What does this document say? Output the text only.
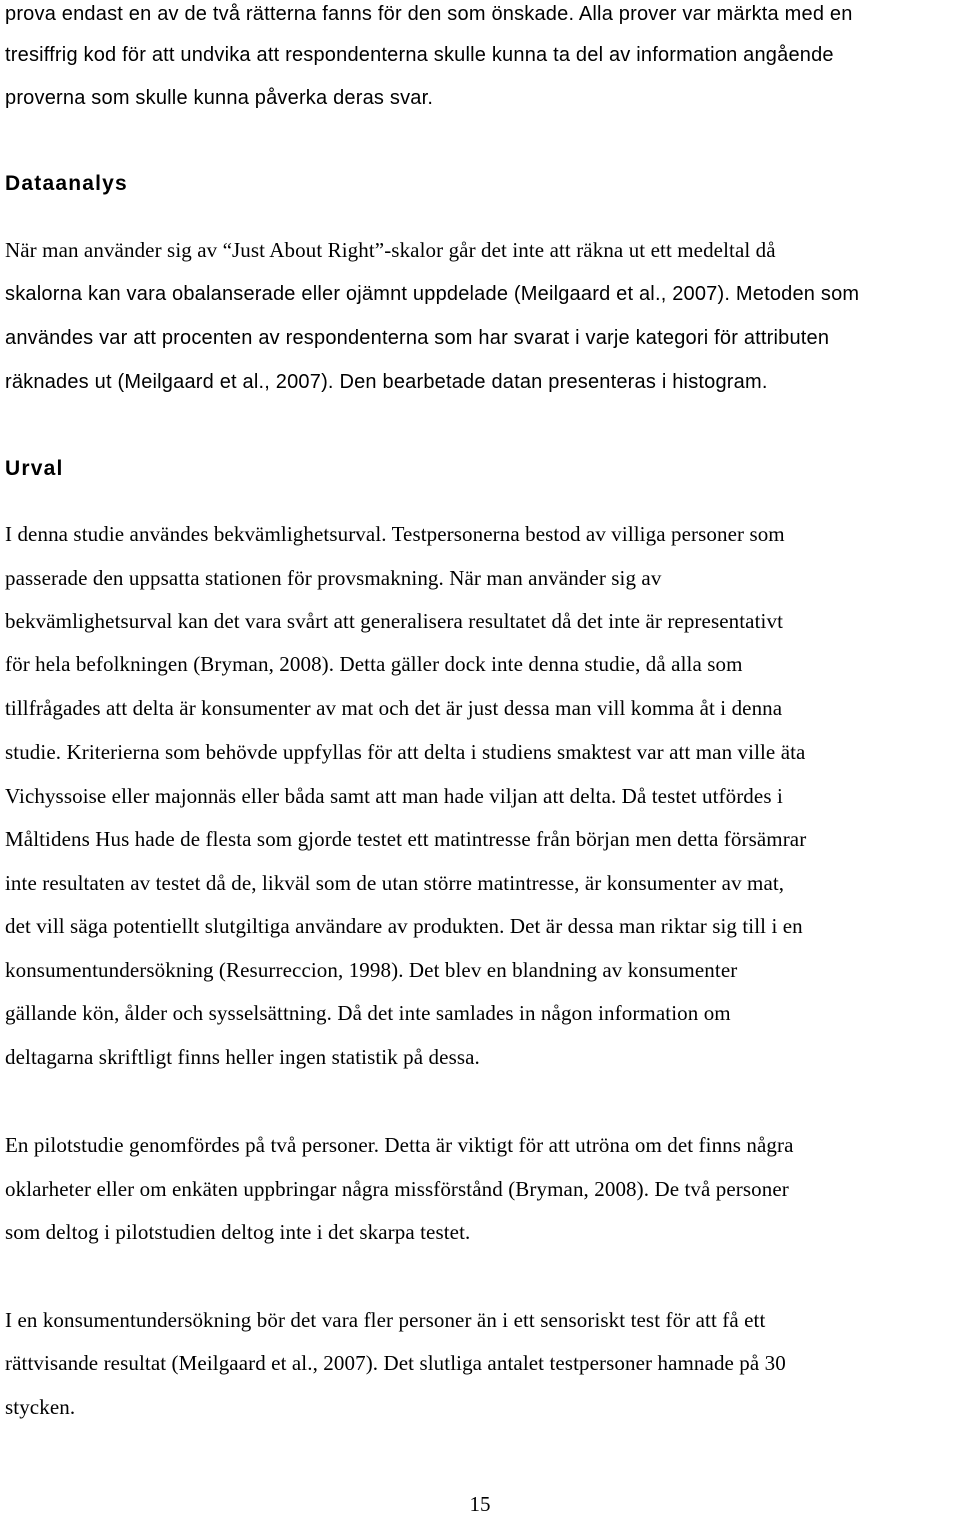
prova endast en av de två rätterna fanns för den som önskade. Alla prover var märkta med en
tresiffrig kod för att undvika att respondenterna skulle kunna ta del av information angående
proverna som skulle kunna påverka deras svar.
Dataanalys
När man använder sig av “Just About Right”-skalor går det inte att räkna ut ett medeltal då
skalorna kan vara obalanserade eller ojämnt uppdelade (Meilgaard et al., 2007). Metoden som
användes var att procenten av respondenterna som har svarat i varje kategori för attributen
räknades ut (Meilgaard et al., 2007). Den bearbetade datan presenteras i histogram.
Urval
I denna studie användes bekvämlighetsurval. Testpersonerna bestod av villiga personer som
passerade den uppsatta stationen för provsmakning. När man använder sig av
bekvämlighetsurval kan det vara svårt att generalisera resultatet då det inte är representativt
för hela befolkningen (Bryman, 2008). Detta gäller dock inte denna studie, då alla som
tillfrågades att delta är konsumenter av mat och det är just dessa man vill komma åt i denna
studie. Kriterierna som behövde uppfyllas för att delta i studiens smaktest var att man ville äta
Vichyssoise eller majonnäs eller båda samt att man hade viljan att delta. Då testet utfördes i
Måltidens Hus hade de flesta som gjorde testet ett matintresse från början men detta försämrar
inte resultaten av testet då de, likväl som de utan större matintresse, är konsumenter av mat,
det vill säga potentiellt slutgiltiga användare av produkten. Det är dessa man riktar sig till i en
konsumentundersökning (Resurreccion, 1998). Det blev en blandning av konsumenter
gällande kön, ålder och sysselsättning. Då det inte samlades in någon information om
deltagarna skriftligt finns heller ingen statistik på dessa.
En pilotstudie genomfördes på två personer. Detta är viktigt för att utröna om det finns några
oklarheter eller om enkäten uppbringar några missförstånd (Bryman, 2008). De två personer
som deltog i pilotstudien deltog inte i det skarpa testet.
I en konsumentundersökning bör det vara fler personer än i ett sensoriskt test för att få ett
rättvisande resultat (Meilgaard et al., 2007). Det slutliga antalet testpersoner hamnade på 30
stycken.
15
